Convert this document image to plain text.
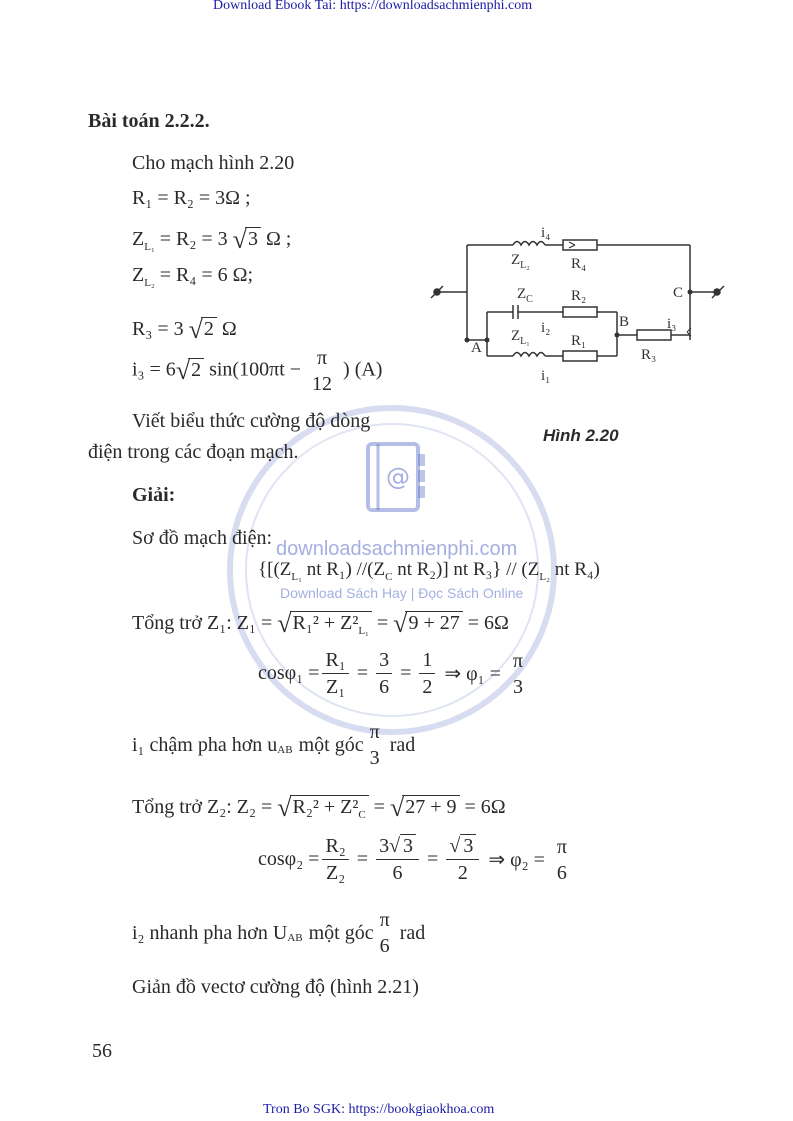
Download Ebook Tai: https://downloadsachmienphi.com
Tron Bo SGK: https://bookgiaokhoa.com
56
@
downloadsachmienphi.com
Download Sách Hay | Đọc Sách Online
Bài toán 2.2.2.
Cho mạch hình 2.20
R₁ = R₂ = 3Ω ;
$Z_{L_1} = R_2 = 3$ √3 Ω ;
$Z_{L_2} = R_4 = 6$ Ω;
R₃ = 3 √2 Ω
i₃ = 6√2 sin(100πt −
π
12
) (A)
Viết biểu thức cường độ dòng
điện trong các đoạn mạch.
i₄
$Z_{L_2}$	R₄
$Z_C$	R₂	C
i₂	B	i₃
$Z_{L_1}$	R₁
R₃
A
i₁
Hình 2.20
Giải:
Sơ đồ mạch điện:
{[($Z_{L_1}$ nt R₁) $//(Z_C$ nt R₂)] nt $R_3\} // (Z_{L_2}$ nt R₄)
Tổng trở Z₁: $Z_1 = √R_1^2 + Z^2_{L_1} = √9 + 27 = 6\Omega$
$\cos\varphi_1 = \frac{\text{R₁}}{\text{Z₁}} = \frac{3}{6} = \frac{1}{2}$ ⇒ φ₁ =
π
3
i₁ chậm pha hơn $u_{AB}$ một góc
π
3
rad
Tổng trở Z₂: $Z_2 = √R_2^2 + Z^2_C = √27 + 9 = 6\Omega$
$\cos\varphi_2 = \frac{\text{R₂}}{\text{Z₂}} = \frac{3√ 3}{6} = \frac{√ 3}{2}$ ⇒ φ₂ =
π
6
i₂ nhanh pha hơn $U_{AB}$ một góc
π
6
rad
Giản đồ vectơ cường độ (hình 2.21)
